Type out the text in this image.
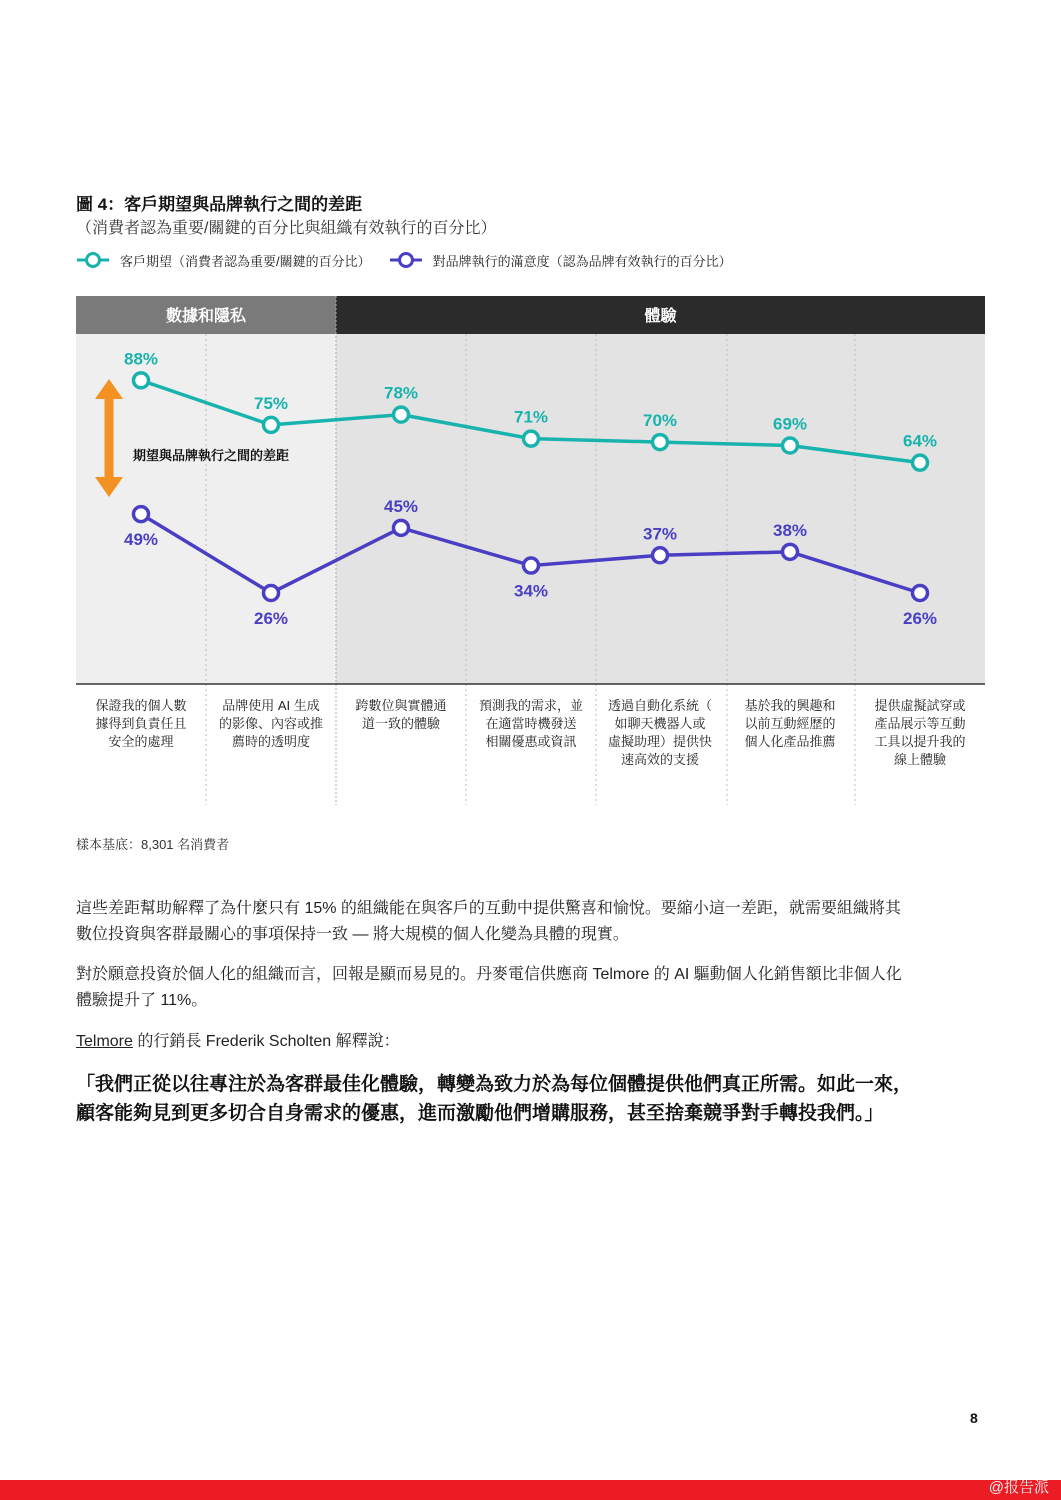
圖 4：客戶期望與品牌執行之間的差距
（消費者認為重要/關鍵的百分比與組織有效執行的百分比）
客戶期望（消費者認為重要/關鍵的百分比）	對品牌執行的滿意度（認為品牌有效執行的百分比）
數據和隱私	體驗
期望與品牌執行之間的差距
88%
75%
78%
71%	70%	69%
64%
49%
26%
45%
34%
37%	38%
26%
保證我的個人數據得到負責任且安全的處理
品牌使用 AI 生成的影像、內容或推薦時的透明度
跨數位與實體通道一致的體驗
預測我的需求，並在適當時機發送相關優惠或資訊
透過自動化系統（如聊天機器人或虛擬助理）提供快速高效的支援
基於我的興趣和以前互動經歷的個人化產品推薦
提供虛擬試穿或產品展示等互動工具以提升我的線上體驗
樣本基底：8,301 名消費者
這些差距幫助解釋了為什麼只有 15% 的組織能在與客戶的互動中提供驚喜和愉悅。要縮小這一差距，就需要組織將其
數位投資與客群最關心的事項保持一致 — 將大規模的個人化變為具體的現實。
對於願意投資於個人化的組織而言，回報是顯而易見的。丹麥電信供應商 Telmore 的 AI 驅動個人化銷售額比非個人化
體驗提升了 11%。
Telmore 的行銷長 Frederik Scholten 解釋說：
「我們正從以往專注於為客群最佳化體驗，轉變為致力於為每位個體提供他們真正所需。如此一來，
顧客能夠見到更多切合自身需求的優惠，進而激勵他們增購服務，甚至捨棄競爭對手轉投我們。」
8
@报告派
